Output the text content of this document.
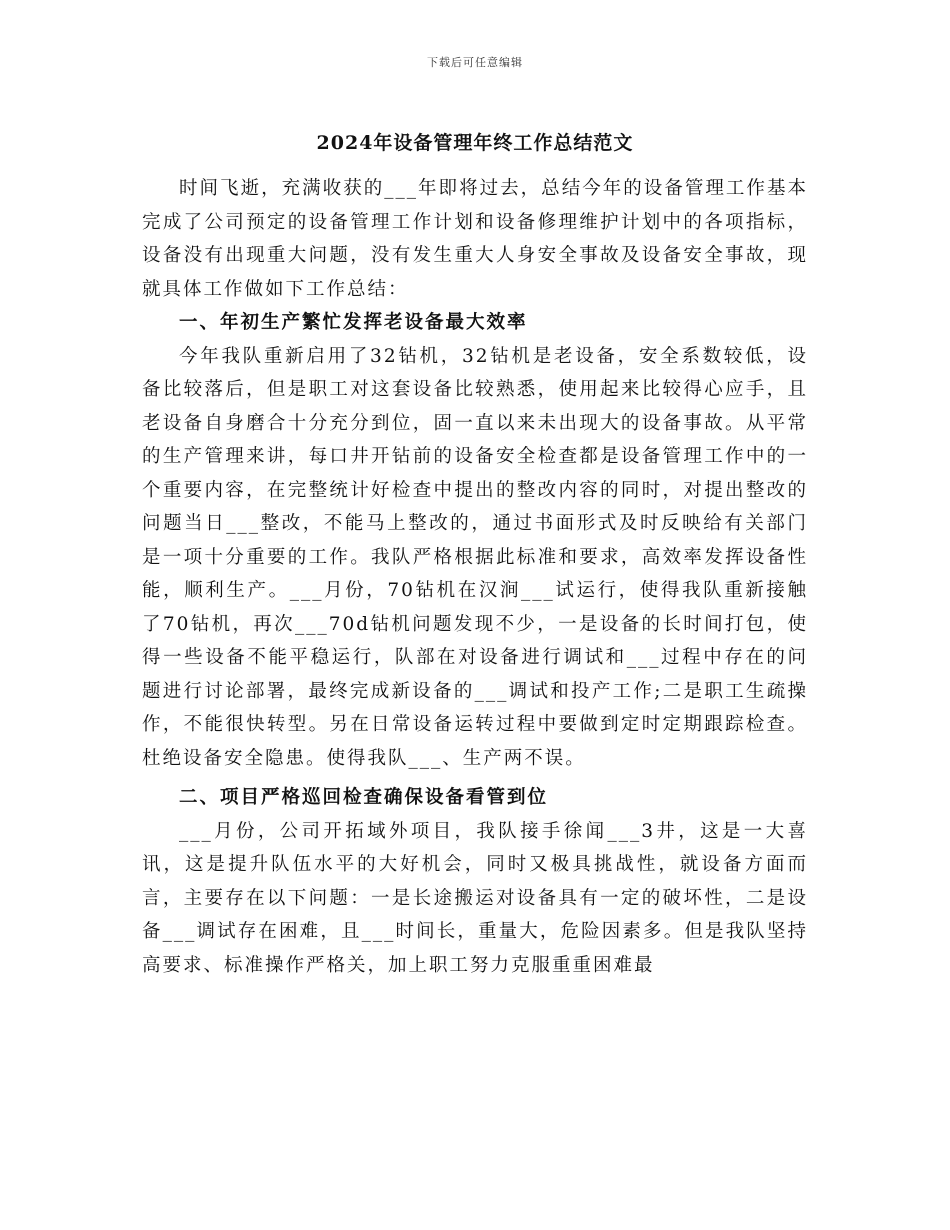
下载后可任意编辑
2024年设备管理年终工作总结范文

时间飞逝，充满收获的___年即将过去，总结今年的设备管理工作基本完成了公司预定的设备管理工作计划和设备修理维护计划中的各项指标，设备没有出现重大问题，没有发生重大人身安全事故及设备安全事故，现就具体工作做如下工作总结：

一、年初生产繁忙发挥老设备最大效率

今年我队重新启用了32钻机，32钻机是老设备，安全系数较低，设备比较落后，但是职工对这套设备比较熟悉，使用起来比较得心应手，且老设备自身磨合十分充分到位，固一直以来未出现大的设备事故。从平常的生产管理来讲，每口井开钻前的设备安全检查都是设备管理工作中的一个重要内容，在完整统计好检查中提出的整改内容的同时，对提出整改的问题当日___整改，不能马上整改的，通过书面形式及时反映给有关部门是一项十分重要的工作。我队严格根据此标准和要求，高效率发挥设备性能，顺利生产。___月份，70钻机在汉涧___试运行，使得我队重新接触了70钻机，再次___70d钻机问题发现不少，一是设备的长时间打包，使得一些设备不能平稳运行，队部在对设备进行调试和___过程中存在的问题进行讨论部署，最终完成新设备的___调试和投产工作;二是职工生疏操作，不能很快转型。另在日常设备运转过程中要做到定时定期跟踪检查。杜绝设备安全隐患。使得我队___、生产两不误。

二、项目严格巡回检查确保设备看管到位

___月份，公司开拓域外项目，我队接手徐闻___3井，这是一大喜讯，这是提升队伍水平的大好机会，同时又极具挑战性，就设备方面而言，主要存在以下问题：一是长途搬运对设备具有一定的破坏性，二是设备___调试存在困难，且___时间长，重量大，危险因素多。但是我队坚持高要求、标准操作严格关，加上职工努力克服重重困难最
